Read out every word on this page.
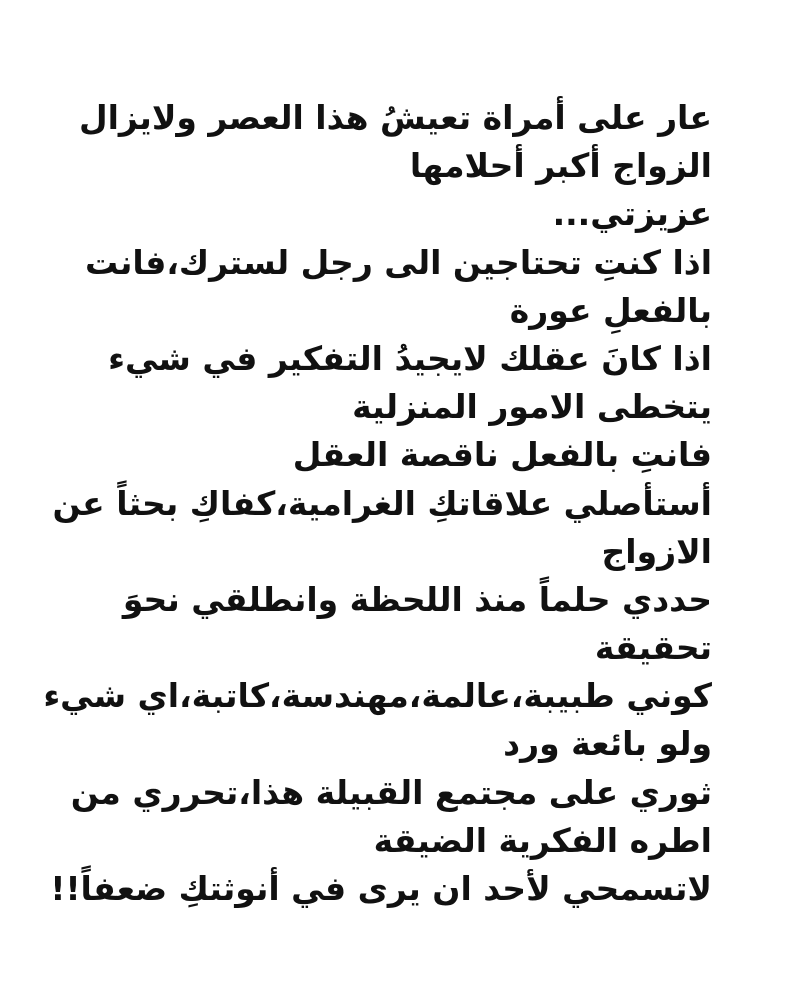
عار على أمراة تعيشُ هذا العصر ولايزال
الزواج أكبر أحلامها
عزيزتي...
اذا كنتِ تحتاجين الى رجل لسترك،فانت
بالفعلِ عورة
اذا كانَ عقلك لايجيدُ التفكير في شيء
يتخطى الامور المنزلية
فانتِ بالفعل ناقصة العقل
أستأصلي علاقاتكِ الغرامية،كفاكِ بحثاً عن
الازواج
حددي حلماً منذ اللحظة وانطلقي نحوَ
تحقيقة
كوني طبيبة،عالمة،مهندسة،كاتبة،اي شيء
ولو بائعة ورد
ثوري على مجتمع القبيلة هذا،تحرري من
اطره الفكرية الضيقة
لاتسمحي لأحد ان يرى في أنوثتكِ ضعفاً!!
